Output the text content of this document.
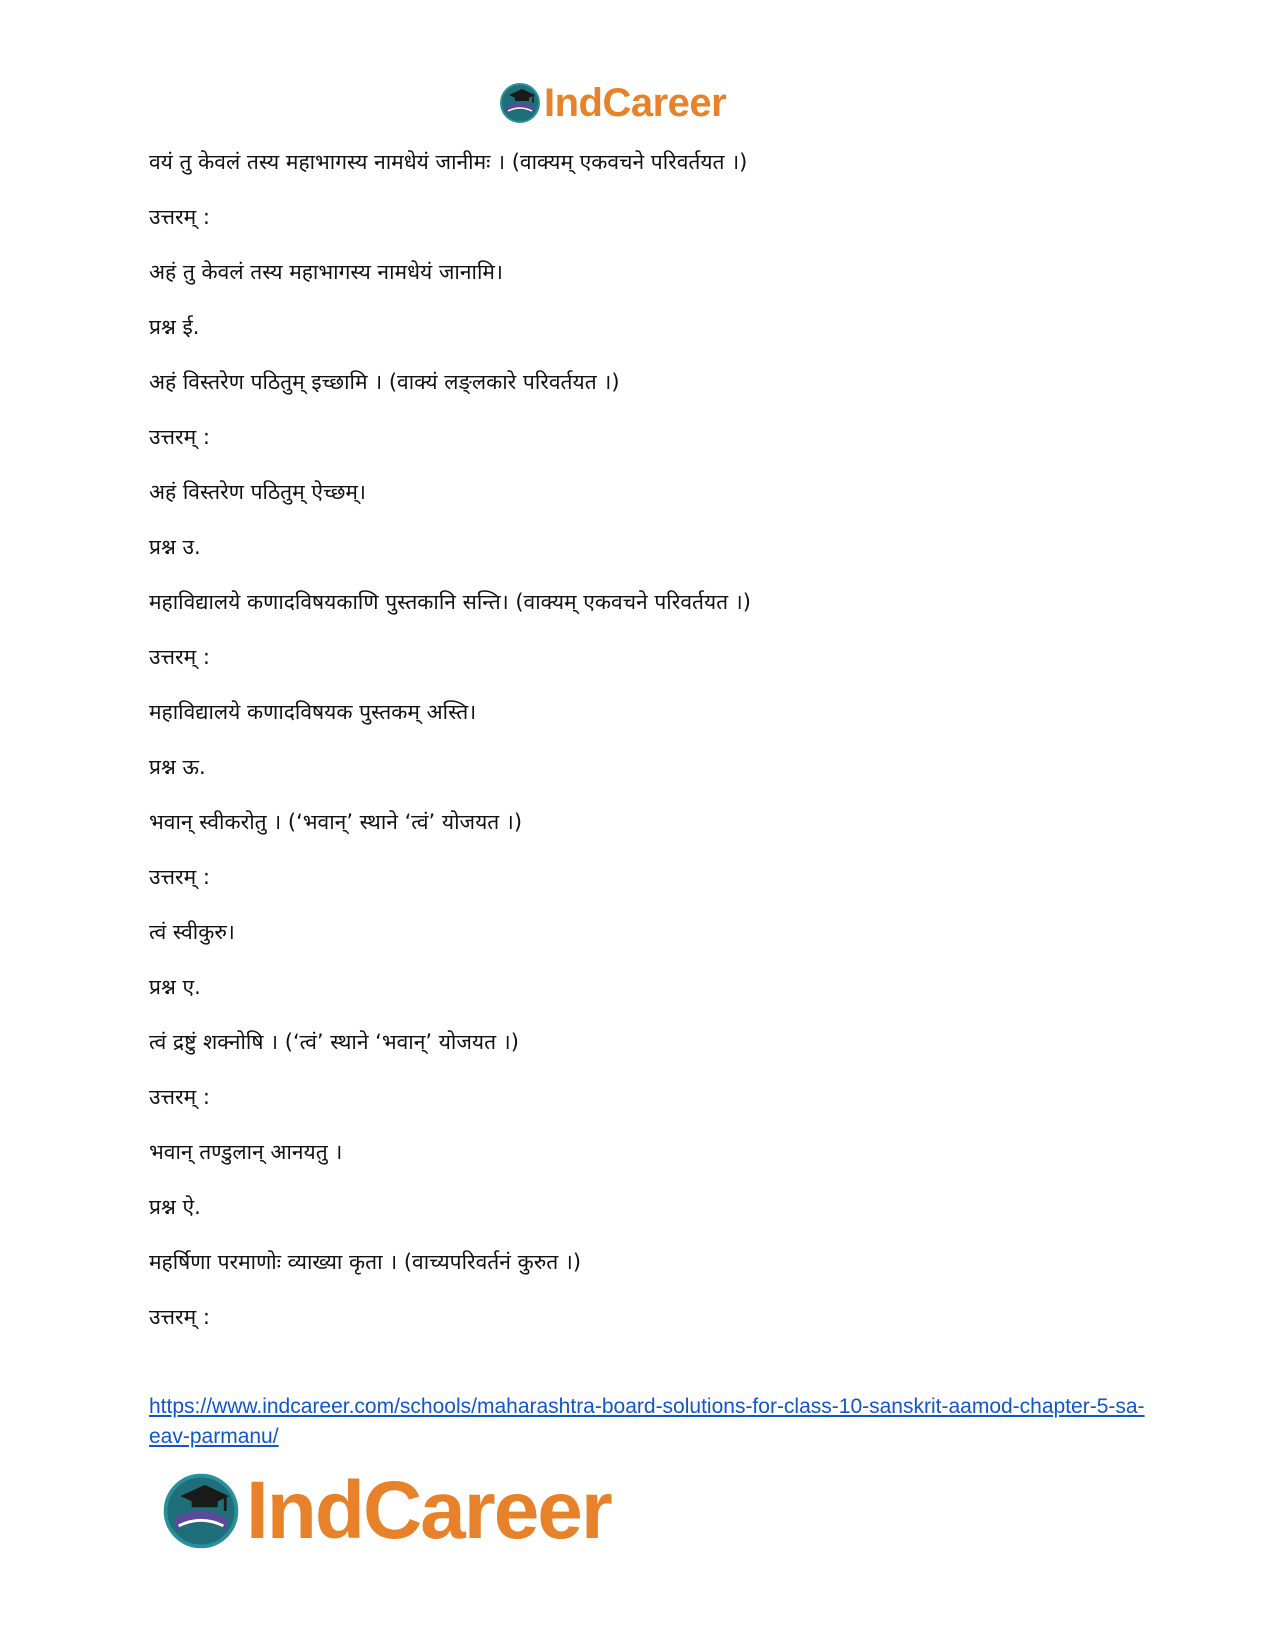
IndCareer
वयं तु केवलं तस्य महाभागस्य नामधेयं जानीमः । (वाक्यम् एकवचने परिवर्तयत ।)
उत्तरम् :
अहं तु केवलं तस्य महाभागस्य नामधेयं जानामि।
प्रश्न ई.
अहं विस्तरेण पठितुम् इच्छामि । (वाक्यं लङ्लकारे परिवर्तयत ।)
उत्तरम् :
अहं विस्तरेण पठितुम् ऐच्छम्।
प्रश्न उ.
महाविद्यालये कणादविषयकाणि पुस्तकानि सन्ति। (वाक्यम् एकवचने परिवर्तयत ।)
उत्तरम् :
महाविद्यालये कणादविषयक पुस्तकम् अस्ति।
प्रश्न ऊ.
भवान् स्वीकरोतु । (‘भवान्’ स्थाने ‘त्वं’ योजयत ।)
उत्तरम् :
त्वं स्वीकुरु।
प्रश्न ए.
त्वं द्रष्टुं शक्नोषि । (‘त्वं’ स्थाने ‘भवान्’ योजयत ।)
उत्तरम् :
भवान् तण्डुलान् आनयतु ।
प्रश्न ऐ.
महर्षिणा परमाणोः व्याख्या कृता । (वाच्यपरिवर्तनं कुरुत ।)
उत्तरम् :
https://www.indcareer.com/schools/maharashtra-board-solutions-for-class-10-sanskrit-aamod-chapter-5-sa-eav-parmanu/
IndCareer
